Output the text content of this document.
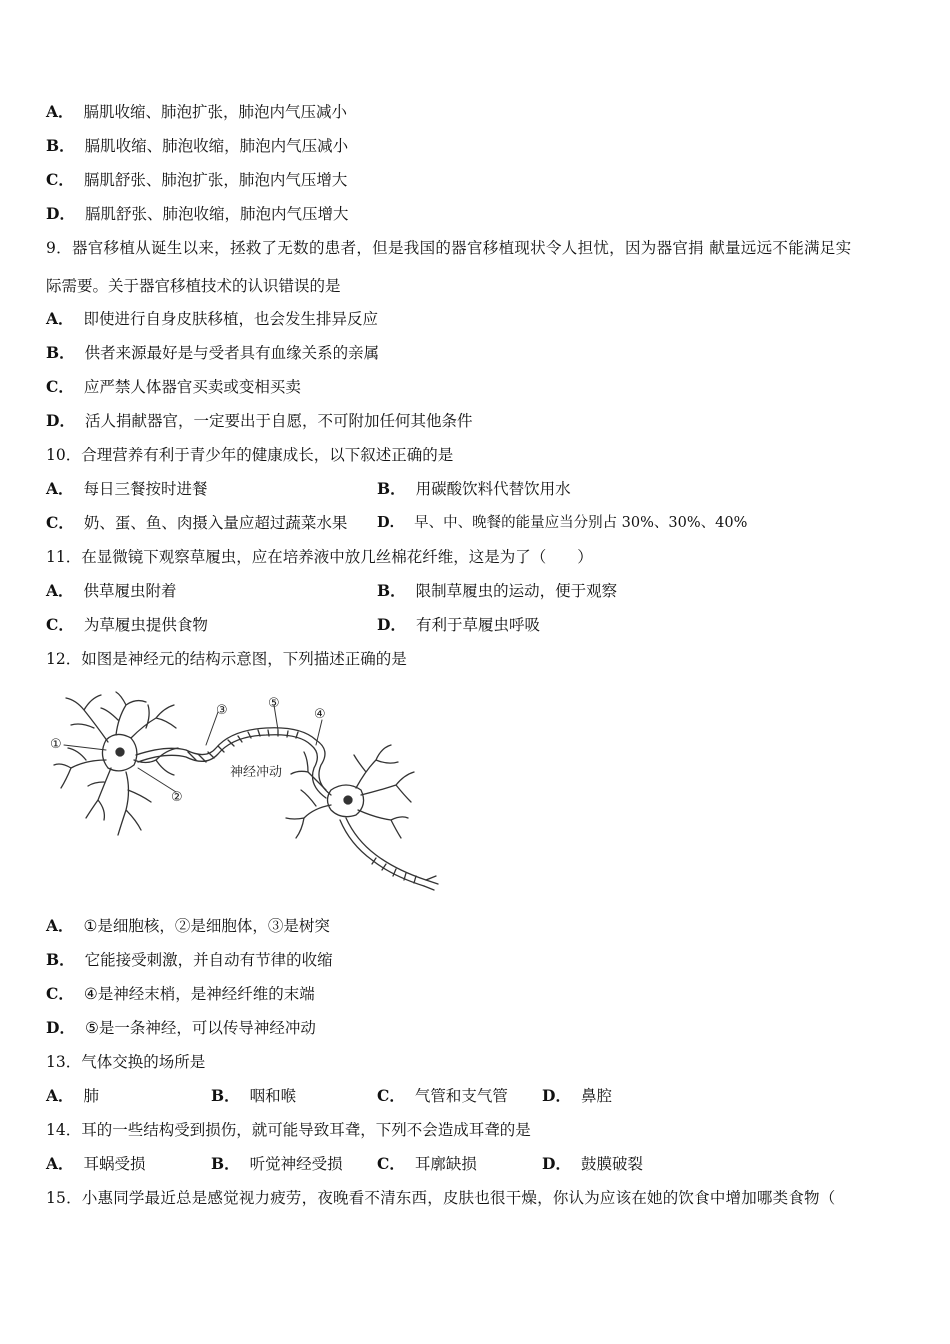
A． 膈肌收缩、肺泡扩张，肺泡内气压减小
B． 膈肌收缩、肺泡收缩，肺泡内气压减小
C． 膈肌舒张、肺泡扩张，肺泡内气压增大
D． 膈肌舒张、肺泡收缩，肺泡内气压增大
9．器官移植从诞生以来，拯救了无数的患者，但是我国的器官移植现状令人担忧，因为器官捐 献量远远不能满足实
际需要。关于器官移植技术的认识错误的是
A． 即使进行自身皮肤移植，也会发生排异反应
B． 供者来源最好是与受者具有血缘关系的亲属
C． 应严禁人体器官买卖或变相买卖
D． 活人捐献器官，一定要出于自愿，不可附加任何其他条件
10．合理营养有利于青少年的健康成长，以下叙述正确的是
A． 每日三餐按时进餐	B． 用碳酸饮料代替饮用水
C． 奶、蛋、鱼、肉摄入量应超过蔬菜水果 D． 早、中、晚餐的能量应当分别占 30%、30%、40%
11．在显微镜下观察草履虫，应在培养液中放几丝棉花纤维，这是为了（　　）
A． 供草履虫附着	B． 限制草履虫的运动，便于观察
C． 为草履虫提供食物	D． 有利于草履虫呼吸
12．如图是神经元的结构示意图，下列描述正确的是
①
②
③	④
⑤
神经冲动
A． ①是细胞核，②是细胞体，③是树突
B． 它能接受刺激，并自动有节律的收缩
C． ④是神经末梢，是神经纤维的末端
D． ⑤是一条神经，可以传导神经冲动
13．气体交换的场所是
A． 肺	B． 咽和喉	C． 气管和支气管 D． 鼻腔
14．耳的一些结构受到损伤，就可能导致耳聋，下列不会造成耳聋的是
A． 耳蜗受损	B． 听觉神经受损 C． 耳廓缺损	D． 鼓膜破裂
15．小惠同学最近总是感觉视力疲劳，夜晚看不清东西，皮肤也很干燥，你认为应该在她的饮食中增加哪类食物（
